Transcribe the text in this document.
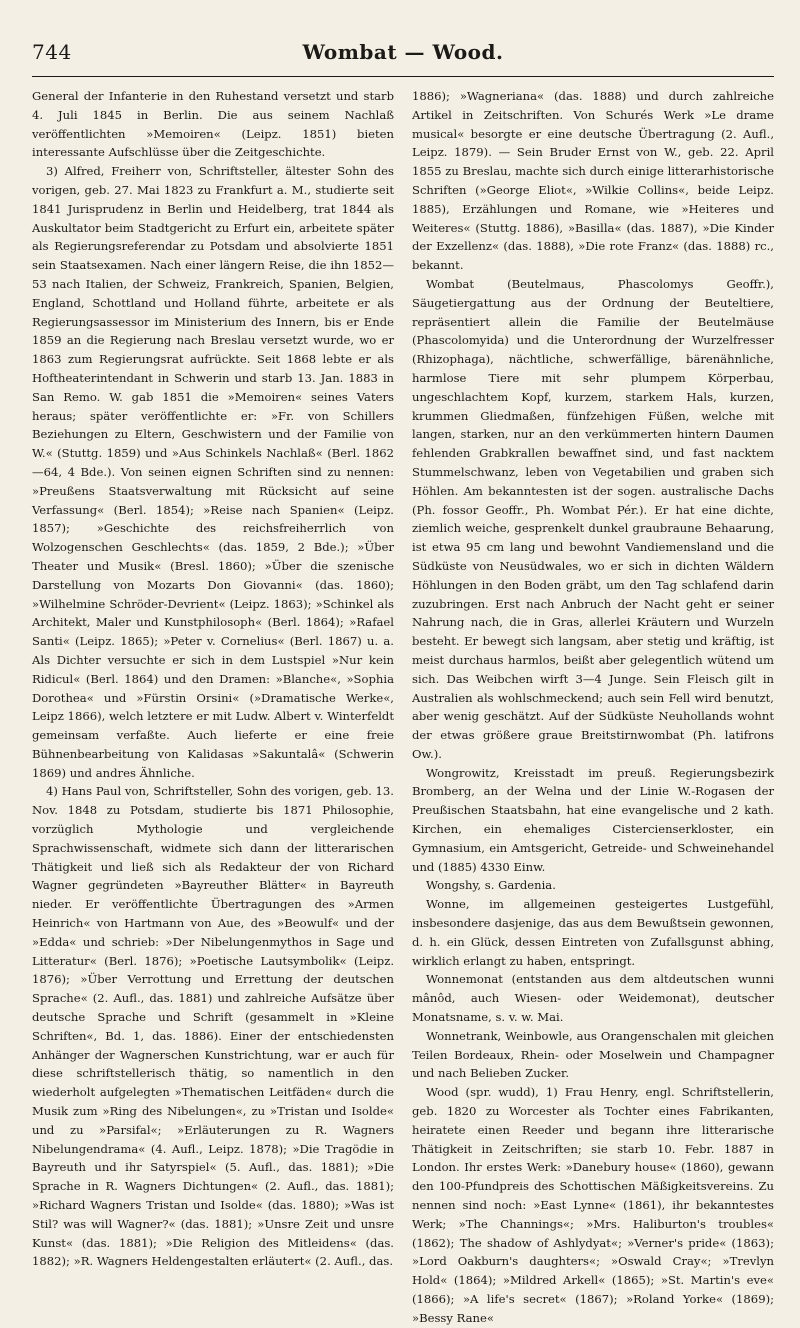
744	Wombat — Wood.

General der Infanterie in den Ruhestand versetzt und starb 4. Juli 1845 in Berlin. Die aus seinem Nachlaß veröffentlichten »Memoiren« (Leipz. 1851) bieten interessante Aufschlüsse über die Zeitgeschichte.

3) Alfred, Freiherr von, Schriftsteller, ältester Sohn des vorigen, geb. 27. Mai 1823 zu Frankfurt a. M., studierte seit 1841 Jurisprudenz in Berlin und Heidelberg, trat 1844 als Auskultator beim Stadtgericht zu Erfurt ein, arbeitete später als Regierungsreferendar zu Potsdam und absolvierte 1851 sein Staatsexamen. Nach einer längern Reise, die ihn 1852—53 nach Italien, der Schweiz, Frankreich, Spanien, Belgien, England, Schottland und Holland führte, arbeitete er als Regierungsassessor im Ministerium des Innern, bis er Ende 1859 an die Regierung nach Breslau versetzt wurde, wo er 1863 zum Regierungsrat aufrückte. Seit 1868 lebte er als Hoftheaterintendant in Schwerin und starb 13. Jan. 1883 in San Remo. W. gab 1851 die »Memoiren« seines Vaters heraus; später veröffentlichte er: »Fr. von Schillers Beziehungen zu Eltern, Geschwistern und der Familie von W.« (Stuttg. 1859) und »Aus Schinkels Nachlaß« (Berl. 1862—64, 4 Bde.). Von seinen eignen Schriften sind zu nennen: »Preußens Staatsverwaltung mit Rücksicht auf seine Verfassung« (Berl. 1854); »Reise nach Spanien« (Leipz. 1857); »Geschichte des reichsfreiherrlich von Wolzogenschen Geschlechts« (das. 1859, 2 Bde.); »Über Theater und Musik« (Bresl. 1860); »Über die szenische Darstellung von Mozarts Don Giovanni« (das. 1860); »Wilhelmine Schröder-Devrient« (Leipz. 1863); »Schinkel als Architekt, Maler und Kunstphilosoph« (Berl. 1864); »Rafael Santi« (Leipz. 1865); »Peter v. Cornelius« (Berl. 1867) u. a. Als Dichter versuchte er sich in dem Lustspiel »Nur kein Ridicul« (Berl. 1864) und den Dramen: »Blanche«, »Sophia Dorothea« und »Fürstin Orsini« (»Dramatische Werke«, Leipz 1866), welch letztere er mit Ludw. Albert v. Winterfeldt gemeinsam verfaßte. Auch lieferte er eine freie Bühnenbearbeitung von Kalidasas »Sakuntalâ« (Schwerin 1869) und andres Ähnliche.

4) Hans Paul von, Schriftsteller, Sohn des vorigen, geb. 13. Nov. 1848 zu Potsdam, studierte bis 1871 Philosophie, vorzüglich Mythologie und vergleichende Sprachwissenschaft, widmete sich dann der litterarischen Thätigkeit und ließ sich als Redakteur der von Richard Wagner gegründeten »Bayreuther Blätter« in Bayreuth nieder. Er veröffentlichte Übertragungen des »Armen Heinrich« von Hartmann von Aue, des »Beowulf« und der »Edda« und schrieb: »Der Nibelungenmythos in Sage und Litteratur« (Berl. 1876); »Poetische Lautsymbolik« (Leipz. 1876); »Über Verrottung und Errettung der deutschen Sprache« (2. Aufl., das. 1881) und zahlreiche Aufsätze über deutsche Sprache und Schrift (gesammelt in »Kleine Schriften«, Bd. 1, das. 1886). Einer der entschiedensten Anhänger der Wagnerschen Kunstrichtung, war er auch für diese schriftstellerisch thätig, so namentlich in den wiederholt aufgelegten »Thematischen Leitfäden« durch die Musik zum »Ring des Nibelungen«, zu »Tristan und Isolde« und zu »Parsifal«; »Erläuterungen zu R. Wagners Nibelungendrama« (4. Aufl., Leipz. 1878); »Die Tragödie in Bayreuth und ihr Satyrspiel« (5. Aufl., das. 1881); »Die Sprache in R. Wagners Dichtungen« (2. Aufl., das. 1881); »Richard Wagners Tristan und Isolde« (das. 1880); »Was ist Stil? was will Wagner?« (das. 1881); »Unsre Zeit und unsre Kunst« (das. 1881); »Die Religion des Mitleidens« (das. 1882); »R. Wagners Heldengestalten erläutert« (2. Aufl., das.

1886); »Wagneriana« (das. 1888) und durch zahlreiche Artikel in Zeitschriften. Von Schurés Werk »Le drame musical« besorgte er eine deutsche Übertragung (2. Aufl., Leipz. 1879). — Sein Bruder Ernst von W., geb. 22. April 1855 zu Breslau, machte sich durch einige litterarhistorische Schriften (»George Eliot«, »Wilkie Collins«, beide Leipz. 1885), Erzählungen und Romane, wie »Heiteres und Weiteres« (Stuttg. 1886), »Basilla« (das. 1887), »Die Kinder der Exzellenz« (das. 1888), »Die rote Franz« (das. 1888) rc., bekannt.

Wombat (Beutelmaus, Phascolomys Geoffr.), Säugetiergattung aus der Ordnung der Beuteltiere, repräsentiert allein die Familie der Beutelmäuse (Phascolomyida) und die Unterordnung der Wurzelfresser (Rhizophaga), nächtliche, schwerfällige, bärenähnliche, harmlose Tiere mit sehr plumpem Körperbau, ungeschlachtem Kopf, kurzem, starkem Hals, kurzen, krummen Gliedmaßen, fünfzehigen Füßen, welche mit langen, starken, nur an den verkümmerten hintern Daumen fehlenden Grabkrallen bewaffnet sind, und fast nacktem Stummelschwanz, leben von Vegetabilien und graben sich Höhlen. Am bekanntesten ist der sogen. australische Dachs (Ph. fossor Geoffr., Ph. Wombat Pér.). Er hat eine dichte, ziemlich weiche, gesprenkelt dunkel graubraune Behaarung, ist etwa 95 cm lang und bewohnt Vandiemensland und die Südküste von Neusüdwales, wo er sich in dichten Wäldern Höhlungen in den Boden gräbt, um den Tag schlafend darin zuzubringen. Erst nach Anbruch der Nacht geht er seiner Nahrung nach, die in Gras, allerlei Kräutern und Wurzeln besteht. Er bewegt sich langsam, aber stetig und kräftig, ist meist durchaus harmlos, beißt aber gelegentlich wütend um sich. Das Weibchen wirft 3—4 Junge. Sein Fleisch gilt in Australien als wohlschmeckend; auch sein Fell wird benutzt, aber wenig geschätzt. Auf der Südküste Neuhollands wohnt der etwas größere graue Breitstirnwombat (Ph. latifrons Ow.).

Wongrowitz, Kreisstadt im preuß. Regierungsbezirk Bromberg, an der Welna und der Linie W.-Rogasen der Preußischen Staatsbahn, hat eine evangelische und 2 kath. Kirchen, ein ehemaliges Cistercienserkloster, ein Gymnasium, ein Amtsgericht, Getreide- und Schweinehandel und (1885) 4330 Einw.

Wongshy, s. Gardenia.

Wonne, im allgemeinen gesteigertes Lustgefühl, insbesondere dasjenige, das aus dem Bewußtsein gewonnen, d. h. ein Glück, dessen Eintreten von Zufallsgunst abhing, wirklich erlangt zu haben, entspringt.

Wonnemonat (entstanden aus dem altdeutschen wunni mânôd, auch Wiesen- oder Weidemonat), deutscher Monatsname, s. v. w. Mai.

Wonnetrank, Weinbowle, aus Orangenschalen mit gleichen Teilen Bordeaux, Rhein- oder Moselwein und Champagner und nach Belieben Zucker.

Wood (spr. wudd), 1) Frau Henry, engl. Schriftstellerin, geb. 1820 zu Worcester als Tochter eines Fabrikanten, heiratete einen Reeder und begann ihre litterarische Thätigkeit in Zeitschriften; sie starb 10. Febr. 1887 in London. Ihr erstes Werk: »Danebury house« (1860), gewann den 100-Pfundpreis des Schottischen Mäßigkeitsvereins. Zu nennen sind noch: »East Lynne« (1861), ihr bekanntestes Werk; »The Channings«; »Mrs. Haliburton's troubles« (1862); The shadow of Ashlydyat«; »Verner's pride« (1863); »Lord Oakburn's daughters«; »Oswald Cray«; »Trevlyn Hold« (1864); »Mildred Arkell« (1865); »St. Martin's eve« (1866); »A life's secret« (1867); »Roland Yorke« (1869); »Bessy Rane«
